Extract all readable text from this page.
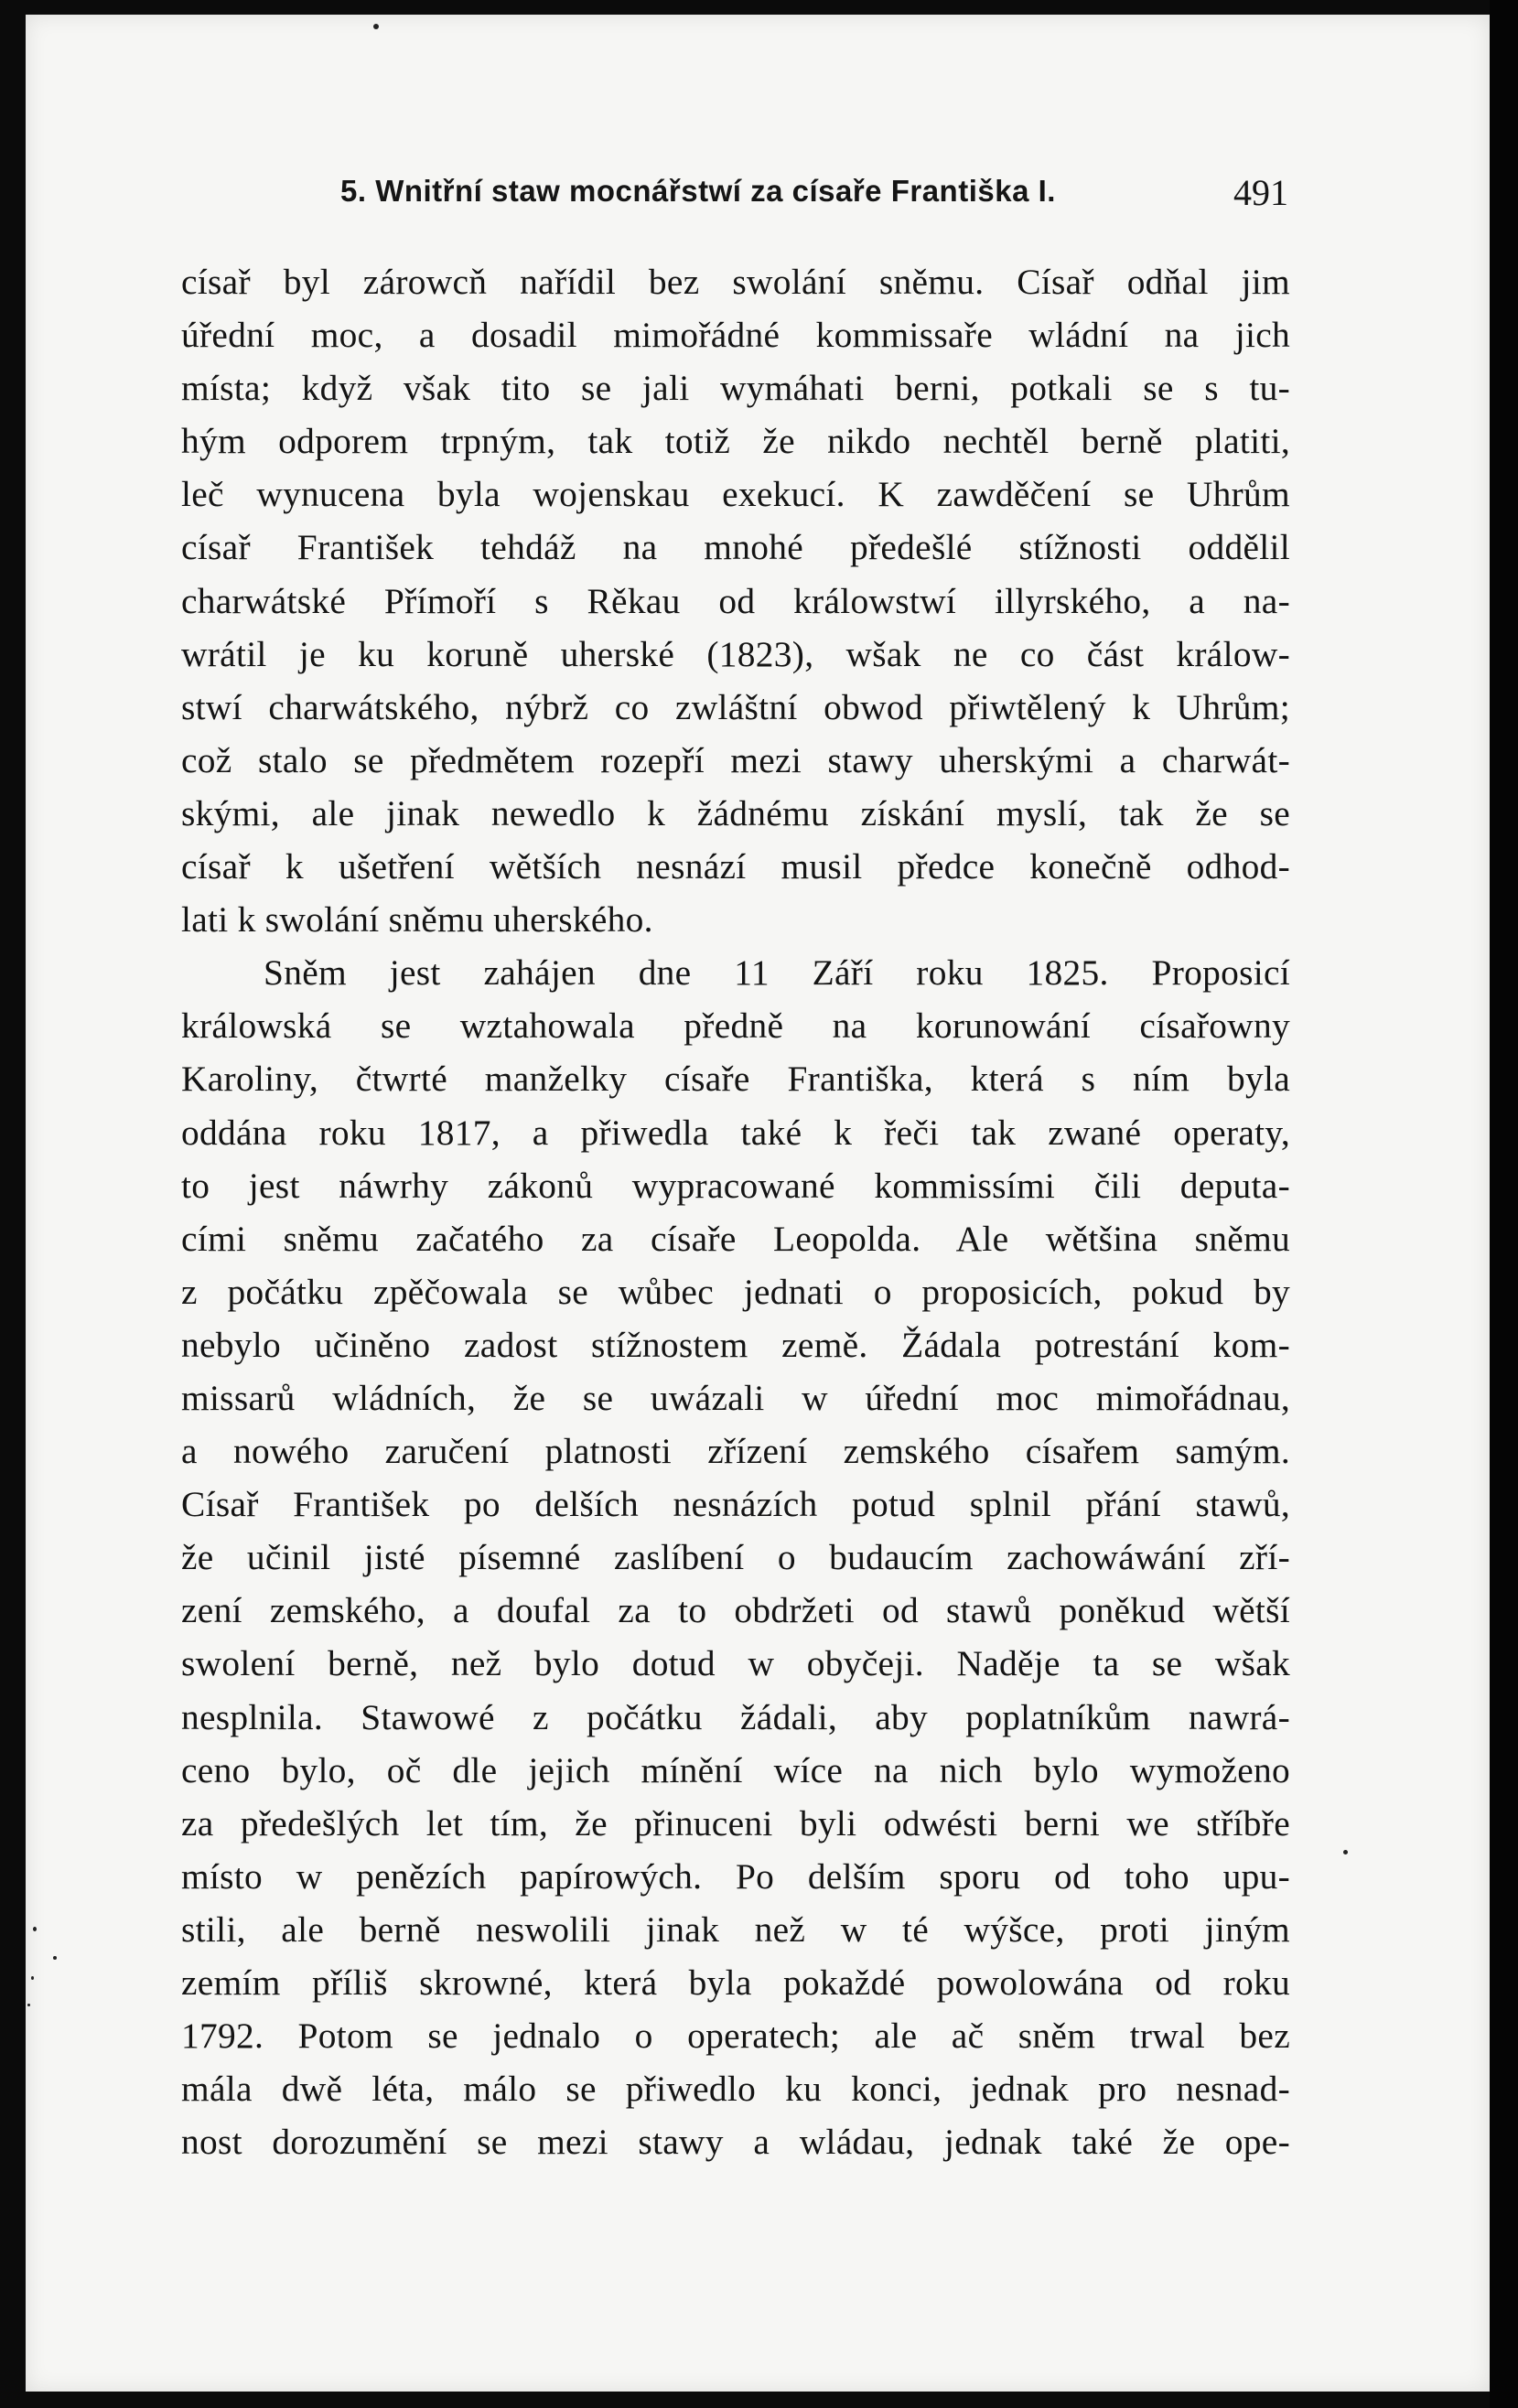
5. Wnitřní staw mocnářstwí za císaře Františka I.	491
císař byl zárowcň nařídil bez swolání sněmu. Císař odňal jim
úřední moc, a dosadil mimořádné kommissaře wládní na jich
místa; když však tito se jali wymáhati berni, potkali se s tu-
hým odporem trpným, tak totiž že nikdo nechtěl berně platiti,
leč wynucena byla wojenskau exekucí. K zawděčení se Uhrům
císař František tehdáž na mnohé předešlé stížnosti oddělil
charwátské Přímoří s Rěkau od králowstwí illyrského, a na-
wrátil je ku koruně uherské (1823), wšak ne co část králow-
stwí charwátského, nýbrž co zwláštní obwod přiwtělený k Uhrům;
což stalo se předmětem rozepří mezi stawy uherskými a charwát-
skými, ale jinak newedlo k žádnému získání myslí, tak že se
císař k ušetření wětších nesnází musil předce konečně odhod-
lati k swolání sněmu uherského.
Sněm jest zahájen dne 11 Září roku 1825. Proposicí
králowská se wztahowala předně na korunowání císařowny
Karoliny, čtwrté manželky císaře Františka, která s ním byla
oddána roku 1817, a přiwedla také k řeči tak zwané operaty,
to jest náwrhy zákonů wypracowané kommissími čili deputa-
cími sněmu začatého za císaře Leopolda. Ale wětšina sněmu
z počátku zpěčowala se wůbec jednati o proposicích, pokud by
nebylo učiněno zadost stížnostem země. Žádala potrestání kom-
missarů wládních, že se uwázali w úřední moc mimořádnau,
a nowého zaručení platnosti zřízení zemského císařem samým.
Císař František po delších nesnázích potud splnil přání stawů,
že učinil jisté písemné zaslíbení o budaucím zachowáwání zří-
zení zemského, a doufal za to obdržeti od stawů poněkud wětší
swolení berně, než bylo dotud w obyčeji. Naděje ta se wšak
nesplnila. Stawowé z počátku žádali, aby poplatníkům nawrá-
ceno bylo, oč dle jejich mínění wíce na nich bylo wymoženo
za předešlých let tím, že přinuceni byli odwésti berni we stříbře
místo w penězích papírowých. Po delším sporu od toho upu-
stili, ale berně neswolili jinak než w té wýšce, proti jiným
zemím příliš skrowné, která byla pokaždé powolowána od roku
1792. Potom se jednalo o operatech; ale ač sněm trwal bez
mála dwě léta, málo se přiwedlo ku konci, jednak pro nesnad-
nost dorozumění se mezi stawy a wládau, jednak také že ope-
